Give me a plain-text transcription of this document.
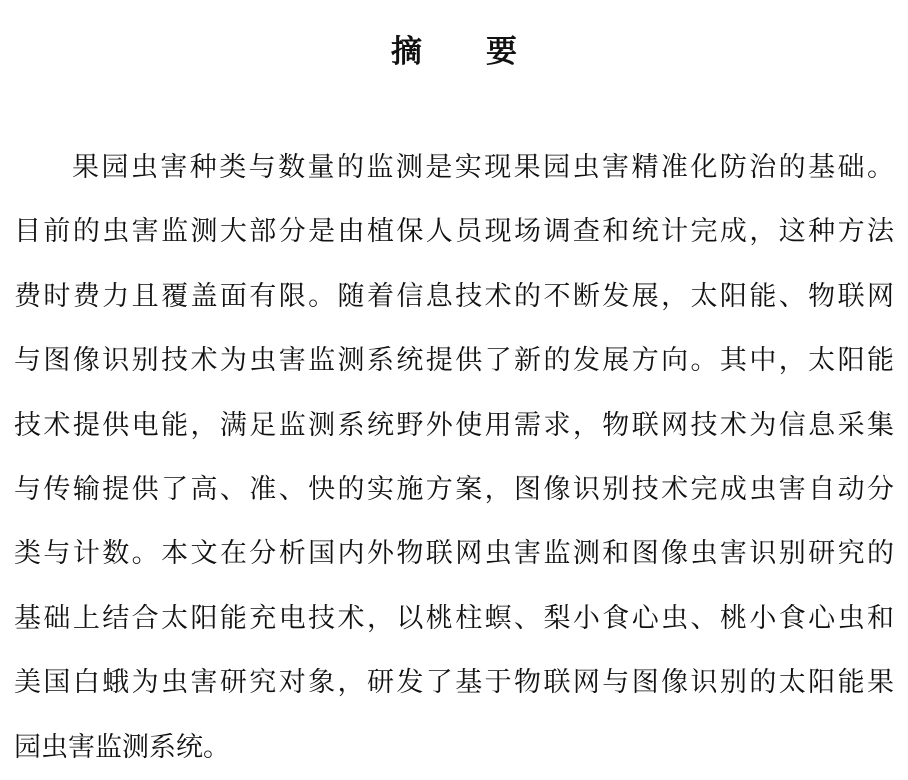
摘 要
果园虫害种类与数量的监测是实现果园虫害精准化防治的基础。
目前的虫害监测大部分是由植保人员现场调查和统计完成，这种方法
费时费力且覆盖面有限。随着信息技术的不断发展，太阳能、物联网
与图像识别技术为虫害监测系统提供了新的发展方向。其中，太阳能
技术提供电能，满足监测系统野外使用需求，物联网技术为信息采集
与传输提供了高、准、快的实施方案，图像识别技术完成虫害自动分
类与计数。本文在分析国内外物联网虫害监测和图像虫害识别研究的
基础上结合太阳能充电技术，以桃柱螟、梨小食心虫、桃小食心虫和
美国白蛾为虫害研究对象，研发了基于物联网与图像识别的太阳能果
园虫害监测系统。
